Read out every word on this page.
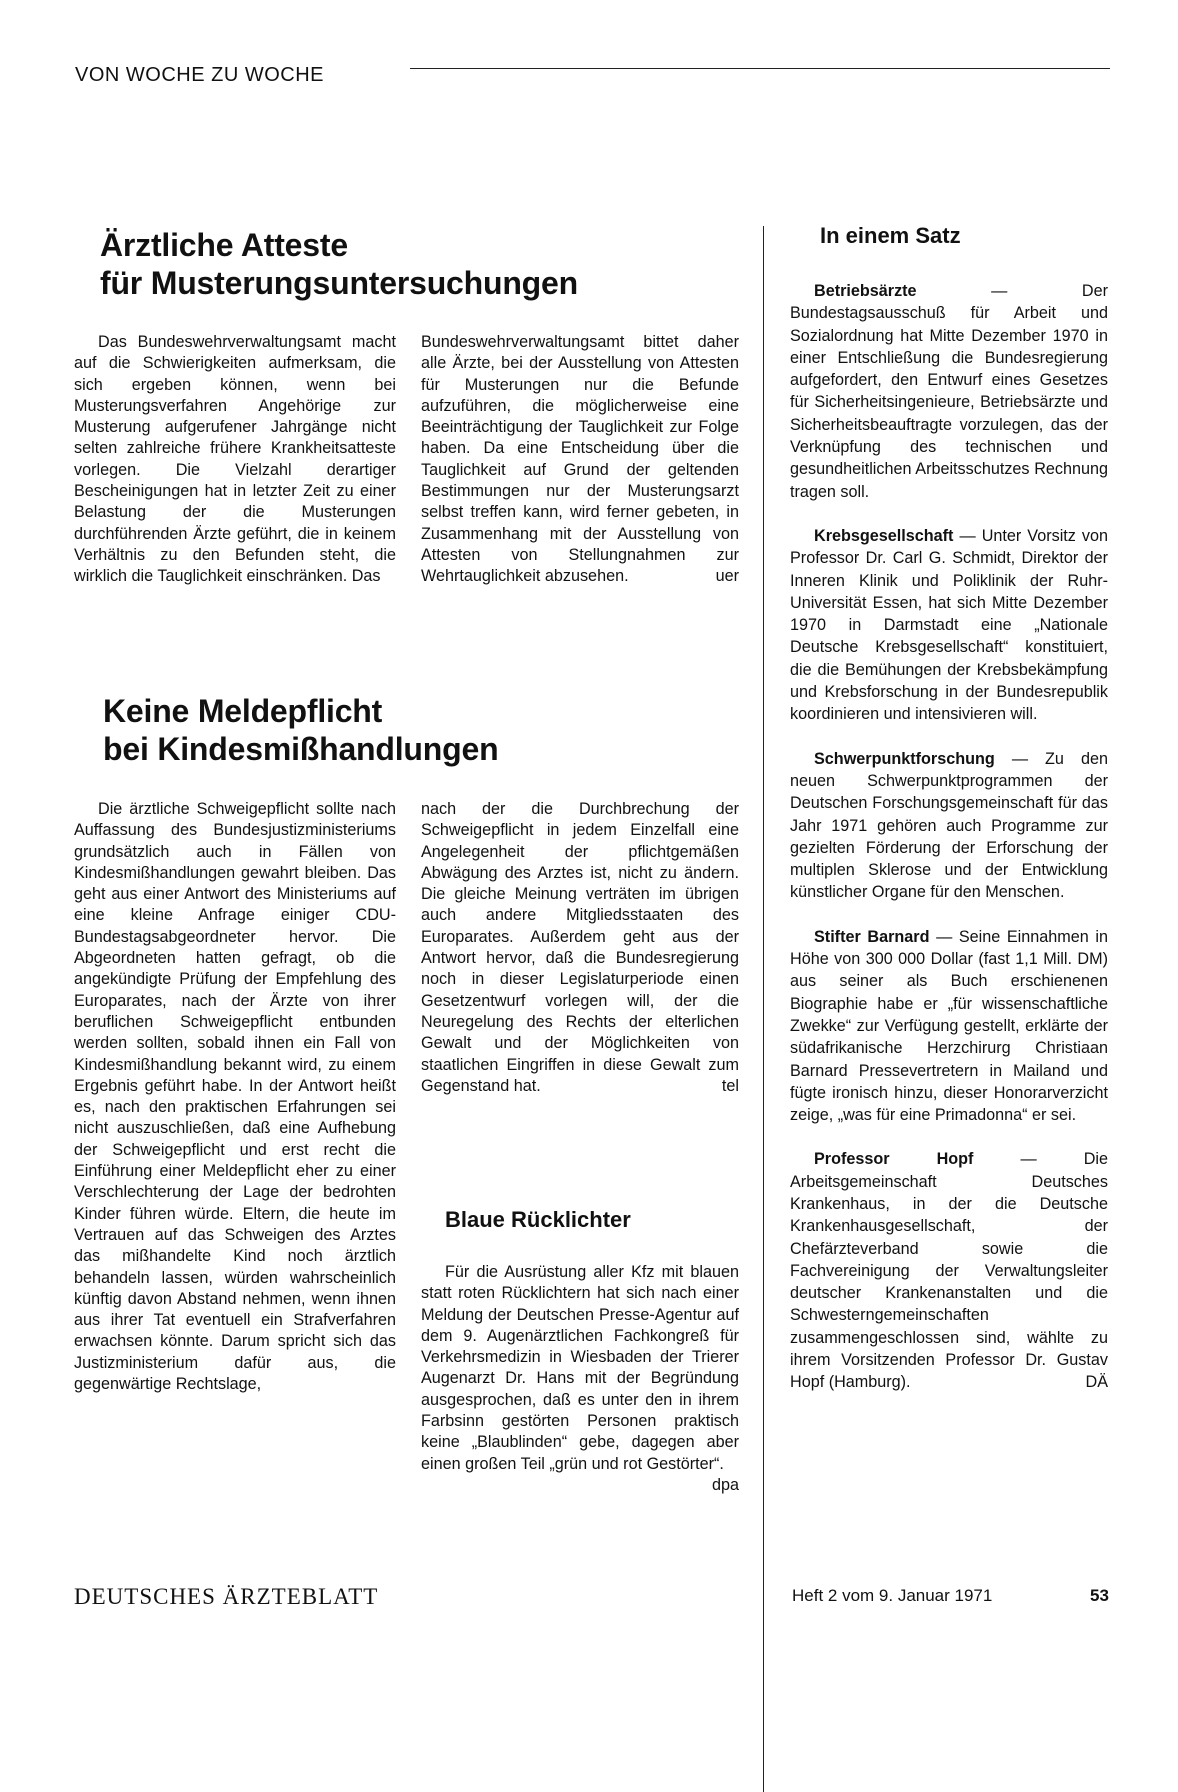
VON WOCHE ZU WOCHE
Ärztliche Atteste
für Musterungsuntersuchungen

Das Bundeswehrverwaltungsamt macht auf die Schwierigkeiten aufmerksam, die sich ergeben können, wenn bei Musterungsverfahren Angehörige zur Musterung aufgerufener Jahrgänge nicht selten zahlreiche frühere Krankheitsatteste vorlegen. Die Vielzahl derartiger Bescheinigungen hat in letzter Zeit zu einer Belastung der die Musterungen durchführenden Ärzte geführt, die in keinem Verhältnis zu den Befunden steht, die wirklich die Tauglichkeit einschränken. Das

Bundeswehrverwaltungsamt bittet daher alle Ärzte, bei der Ausstellung von Attesten für Musterungen nur die Befunde aufzuführen, die möglicherweise eine Beeinträchtigung der Tauglichkeit zur Folge haben. Da eine Entscheidung über die Tauglichkeit auf Grund der geltenden Bestimmungen nur der Musterungsarzt selbst treffen kann, wird ferner gebeten, in Zusammenhang mit der Ausstellung von Attesten von Stellungnahmen zur Wehrtauglichkeit abzusehen.	uer

Keine Meldepflicht
bei Kindesmißhandlungen

Die ärztliche Schweigepflicht sollte nach Auffassung des Bundesjustizministeriums grundsätzlich auch in Fällen von Kindesmißhandlungen gewahrt bleiben. Das geht aus einer Antwort des Ministeriums auf eine kleine Anfrage einiger CDU-Bundestagsabgeordneter hervor. Die Abgeordneten hatten gefragt, ob die angekündigte Prüfung der Empfehlung des Europarates, nach der Ärzte von ihrer beruflichen Schweigepflicht entbunden werden sollten, sobald ihnen ein Fall von Kindesmißhandlung bekannt wird, zu einem Ergebnis geführt habe. In der Antwort heißt es, nach den praktischen Erfahrungen sei nicht auszuschließen, daß eine Aufhebung der Schweigepflicht und erst recht die Einführung einer Meldepflicht eher zu einer Verschlechterung der Lage der bedrohten Kinder führen würde. Eltern, die heute im Vertrauen auf das Schweigen des Arztes das mißhandelte Kind noch ärztlich behandeln lassen, würden wahrscheinlich künftig davon Abstand nehmen, wenn ihnen aus ihrer Tat eventuell ein Strafverfahren erwachsen könnte. Darum spricht sich das Justizministerium dafür aus, die gegenwärtige Rechtslage,

nach der die Durchbrechung der Schweigepflicht in jedem Einzelfall eine Angelegenheit der pflichtgemäßen Abwägung des Arztes ist, nicht zu ändern. Die gleiche Meinung verträten im übrigen auch andere Mitgliedsstaaten des Europarates. Außerdem geht aus der Antwort hervor, daß die Bundesregierung noch in dieser Legislaturperiode einen Gesetzentwurf vorlegen will, der die Neuregelung des Rechts der elterlichen Gewalt und der Möglichkeiten von staatlichen Eingriffen in diese Gewalt zum Gegenstand hat.	tel

Blaue Rücklichter

Für die Ausrüstung aller Kfz mit blauen statt roten Rücklichtern hat sich nach einer Meldung der Deutschen Presse-Agentur auf dem 9. Augenärztlichen Fachkongreß für Verkehrsmedizin in Wiesbaden der Trierer Augenarzt Dr. Hans mit der Begründung ausgesprochen, daß es unter den in ihrem Farbsinn gestörten Personen praktisch keine „Blaublinden“ gebe, dagegen aber einen großen Teil „grün und rot Gestörter“.
dpa

In einem Satz

Betriebsärzte — Der Bundestagsausschuß für Arbeit und Sozialordnung hat Mitte Dezember 1970 in einer Entschließung die Bundesregierung aufgefordert, den Entwurf eines Gesetzes für Sicherheitsingenieure, Betriebsärzte und Sicherheitsbeauftragte vorzulegen, das der Verknüpfung des technischen und gesundheitlichen Arbeitsschutzes Rechnung tragen soll.

Krebsgesellschaft — Unter Vorsitz von Professor Dr. Carl G. Schmidt, Direktor der Inneren Klinik und Poliklinik der Ruhr-Universität Essen, hat sich Mitte Dezember 1970 in Darmstadt eine „Nationale Deutsche Krebsgesellschaft“ konstituiert, die die Bemühungen der Krebsbekämpfung und Krebsforschung in der Bundesrepublik koordinieren und intensivieren will.

Schwerpunktforschung — Zu den neuen Schwerpunktprogrammen der Deutschen Forschungsgemeinschaft für das Jahr 1971 gehören auch Programme zur gezielten Förderung der Erforschung der multiplen Sklerose und der Entwicklung künstlicher Organe für den Menschen.

Stifter Barnard — Seine Einnahmen in Höhe von 300 000 Dollar (fast 1,1 Mill. DM) aus seiner als Buch erschienenen Biographie habe er „für wissenschaftliche Zwekke“ zur Verfügung gestellt, erklärte der südafrikanische Herzchirurg Christiaan Barnard Pressevertretern in Mailand und fügte ironisch hinzu, dieser Honorarverzicht zeige, „was für eine Primadonna“ er sei.

Professor Hopf — Die Arbeitsgemeinschaft Deutsches Krankenhaus, in der die Deutsche Krankenhausgesellschaft, der Chefärzteverband sowie die Fachvereinigung der Verwaltungsleiter deutscher Krankenanstalten und die Schwesterngemeinschaften zusammengeschlossen sind, wählte zu ihrem Vorsitzenden Professor Dr. Gustav Hopf (Hamburg).	DÄ

DEUTSCHES ÄRZTEBLATT	Heft 2 vom 9. Januar 1971	53
